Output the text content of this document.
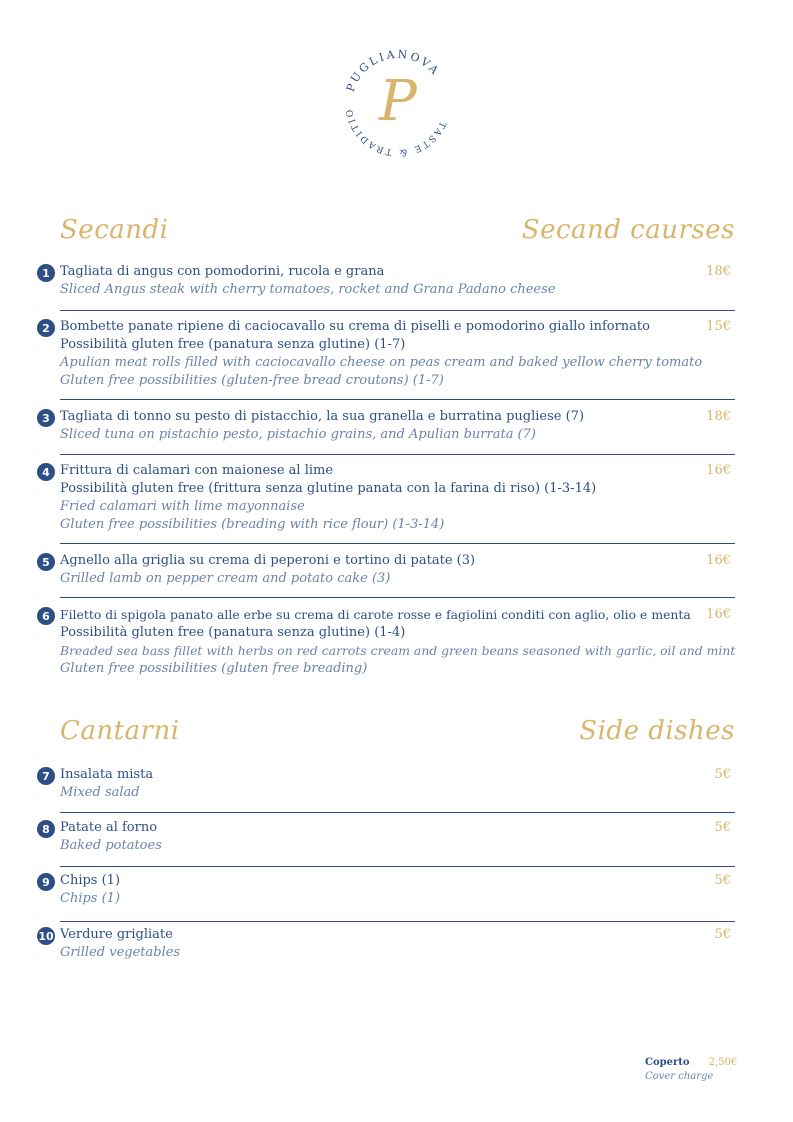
PUGLIANOVA
TASTE & TRADITIO P
Secandi	Secand caurses
1 Tagliata di angus con pomodorini, rucola e grana
Sliced Angus steak with cherry tomatoes, rocket and Grana Padano cheese
18€
2 Bombette panate ripiene di caciocavallo su crema di piselli e pomodorino giallo infornato
Possibilità gluten free (panatura senza glutine) (1-7)
Apulian meat rolls filled with caciocavallo cheese on peas cream and baked yellow cherry tomato
Gluten free possibilities (gluten-free bread croutons) (1-7)
15€
3 Tagliata di tonno su pesto di pistacchio, la sua granella e burratina pugliese (7)
Sliced tuna on pistachio pesto, pistachio grains, and Apulian burrata (7)
18€
4 Frittura di calamari con maionese al lime
Possibilità gluten free (frittura senza glutine panata con la farina di riso) (1-3-14)
Fried calamari with lime mayonnaise
Gluten free possibilities (breading with rice flour) (1-3-14)
16€
5 Agnello alla griglia su crema di peperoni e tortino di patate (3)
Grilled lamb on pepper cream and potato cake (3)
16€
6 Filetto di spigola panato alle erbe su crema di carote rosse e fagiolini conditi con aglio, olio e menta
Possibilità gluten free (panatura senza glutine) (1-4)
Breaded sea bass fillet with herbs on red carrots cream and green beans seasoned with garlic, oil and mint
Gluten free possibilities (gluten free breading)
16€
Cantarni	Side dishes
7 Insalata mista
Mixed salad
5€
8 Patate al forno
Baked potatoes
5€
9 Chips (1)
Chips (1)
5€
10 Verdure grigliate
Grilled vegetables
5€
Coperto 2,50€
Cover charge
